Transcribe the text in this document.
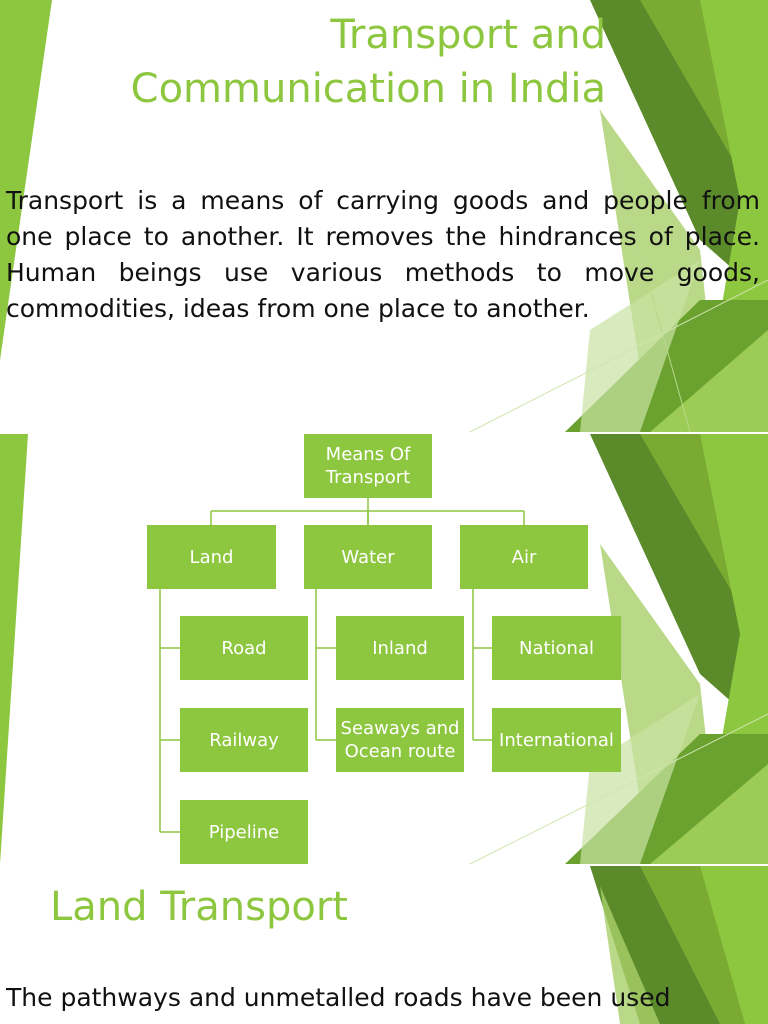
Transport and
Communication in India

Transport is a means of carrying goods and people from one place to another. It removes the hindrances of place. Human beings use various methods to move goods, commodities, ideas from one place to another.

Means Of
Transport
Land	Water	Air
Road
Railway
Pipeline
Inland
Seaways and
Ocean route
National
International
Land Transport

The pathways and unmetalled roads have been used
